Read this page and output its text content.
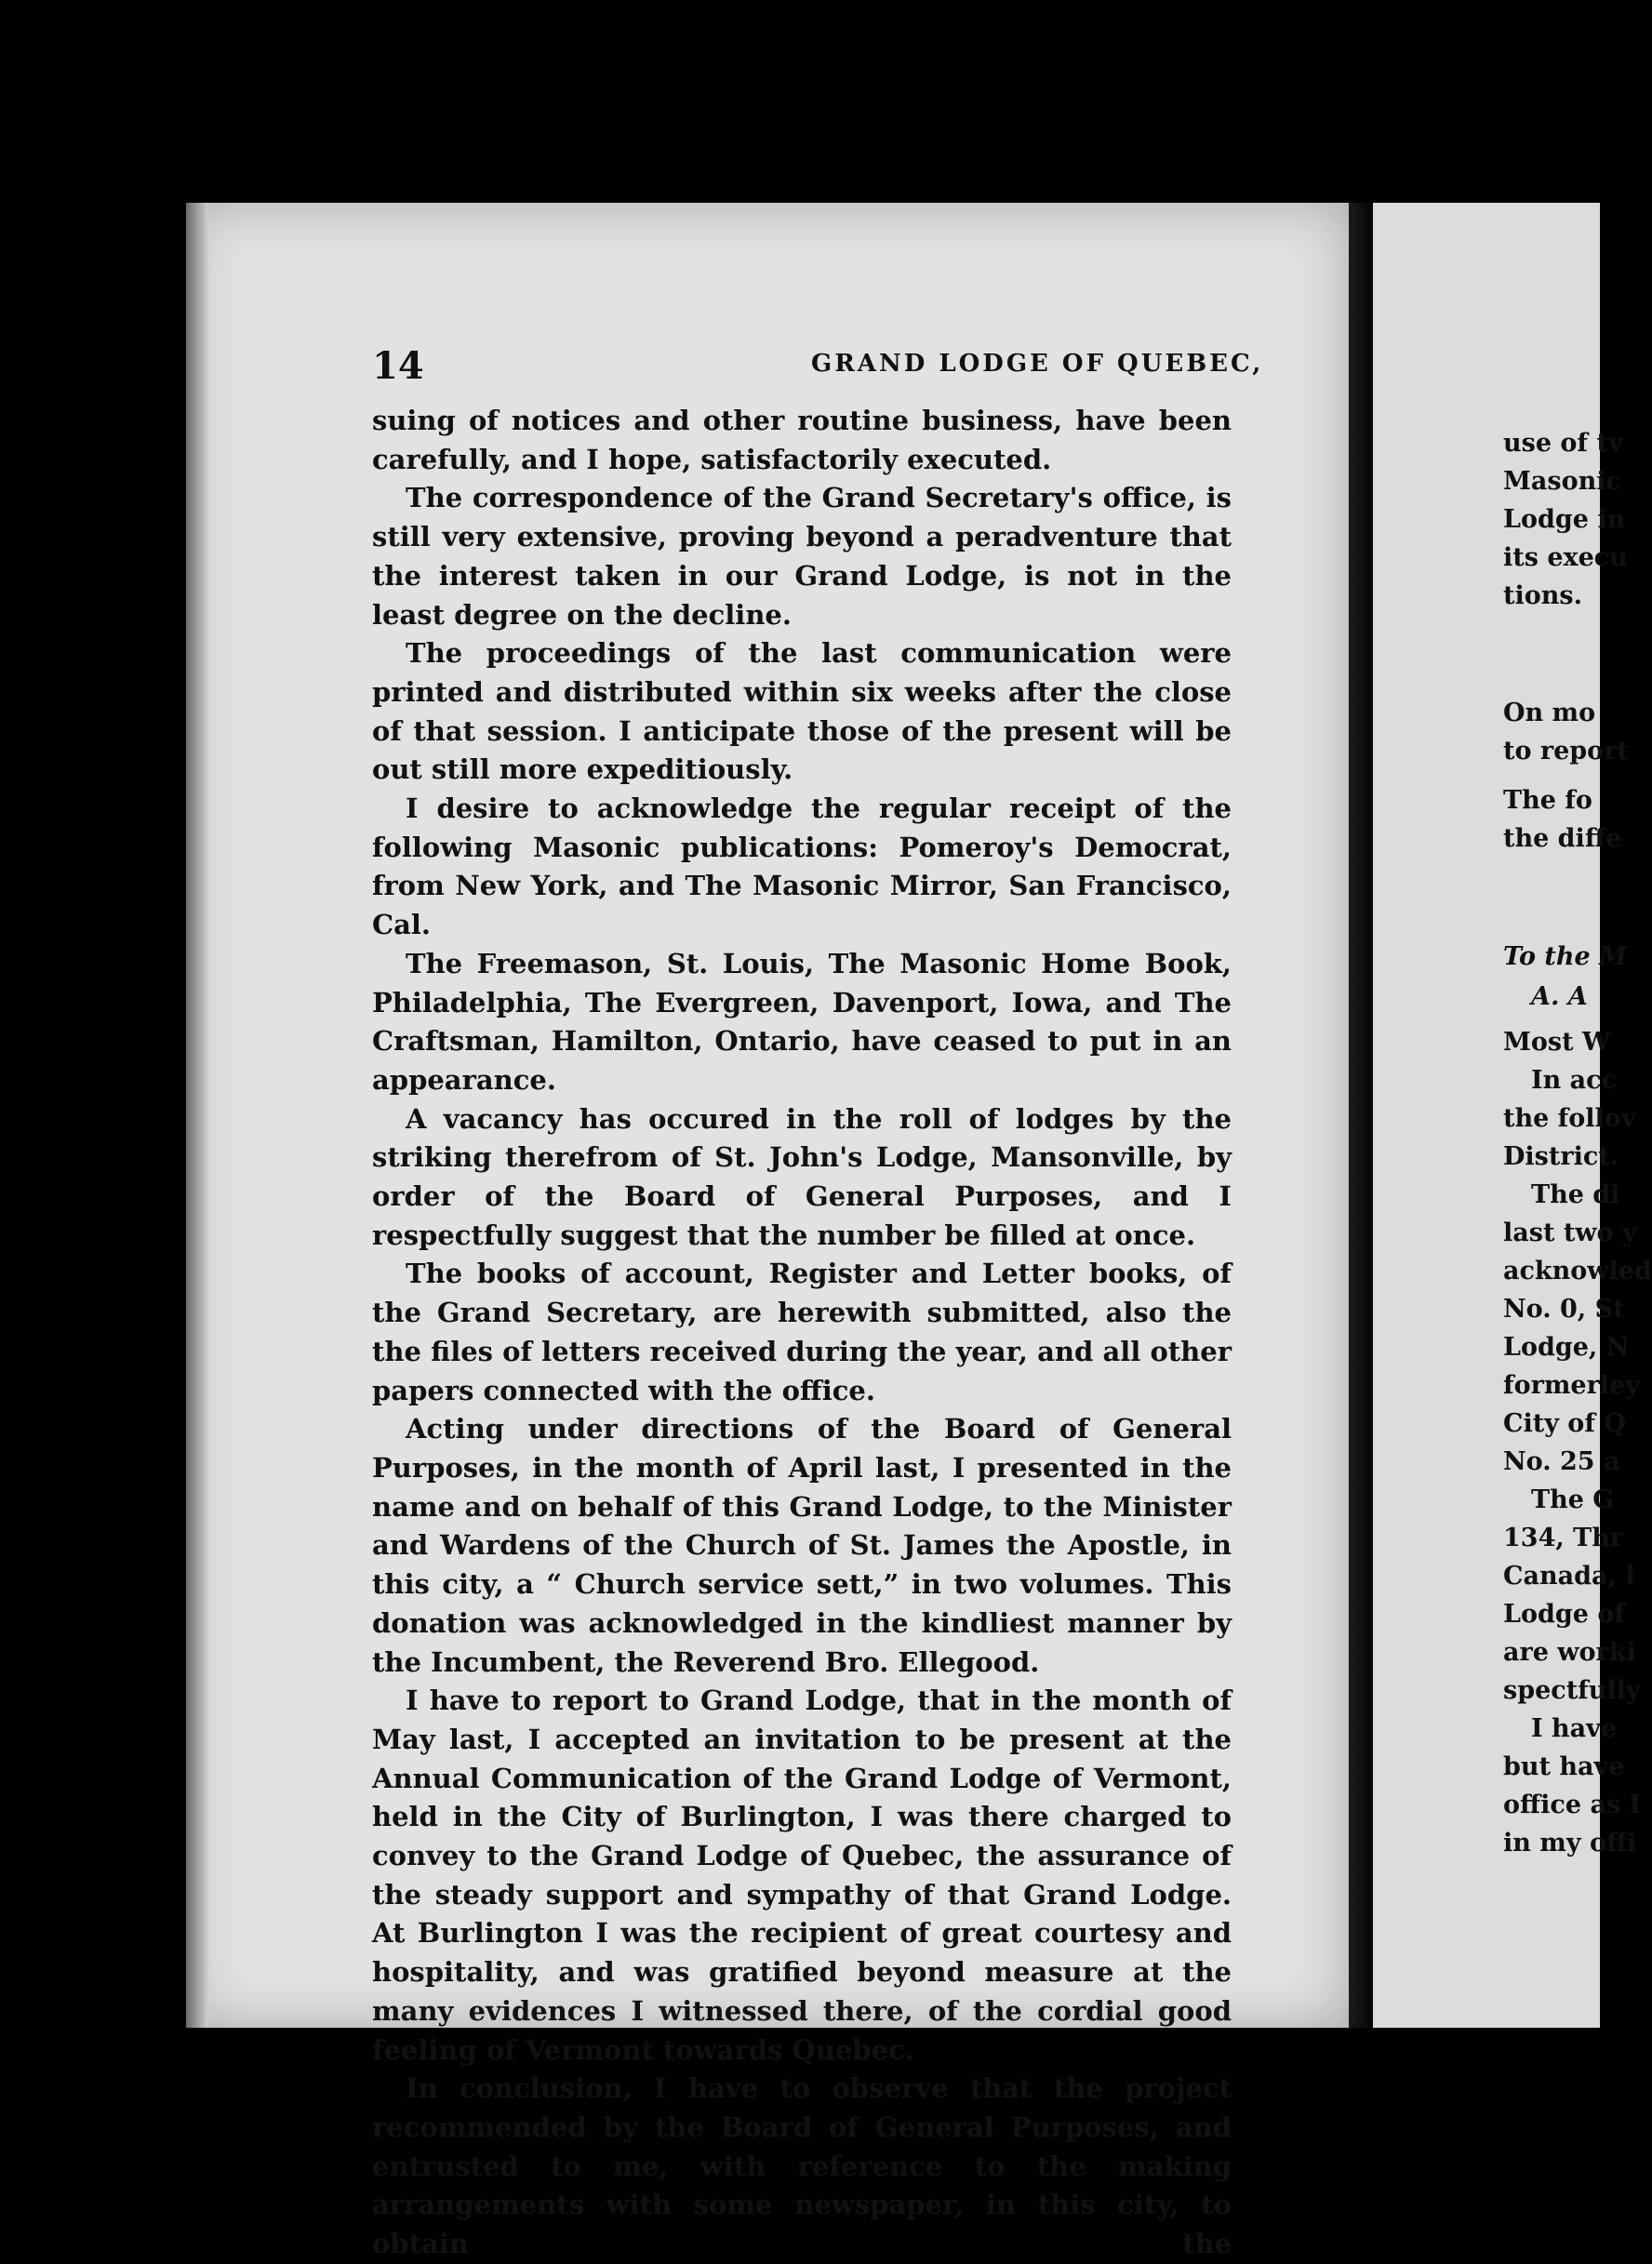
use of tv
Masonic
Lodge in
its execu
tions.
On mo
to report
The fo
the diffe
To the M
A. A
Most W
In acc
the follov
District.
The di
last two y
acknowled
No. 0, St
Lodge, N
formerley
City of Q
No. 25 a
The G
134, Thr
Canada, l
Lodge of
are worki
spectfully
I have
but have
office as I
in my offi
14	GRAND LODGE OF QUEBEC,

suing of notices and other routine business, have been carefully, and I hope, satisfactorily executed.

The correspondence of the Grand Secretary's office, is still very extensive, proving beyond a peradventure that the interest taken in our Grand Lodge, is not in the least degree on the decline.

The proceedings of the last communication were printed and distributed within six weeks after the close of that session. I anticipate those of the present will be out still more expeditiously.

I desire to acknowledge the regular receipt of the following Masonic publications: Pomeroy's Democrat, from New York, and The Masonic Mirror, San Francisco, Cal.

The Freemason, St. Louis, The Masonic Home Book, Philadelphia, The Evergreen, Davenport, Iowa, and The Craftsman, Hamilton, Ontario, have ceased to put in an appearance.

A vacancy has occured in the roll of lodges by the striking therefrom of St. John's Lodge, Mansonville, by order of the Board of General Purposes, and I respectfully suggest that the number be filled at once.

The books of account, Register and Letter books, of the Grand Secretary, are herewith submitted, also the the files of letters received during the year, and all other papers connected with the office.

Acting under directions of the Board of General Purposes, in the month of April last, I presented in the name and on behalf of this Grand Lodge, to the Minister and Wardens of the Church of St. James the Apostle, in this city, a “ Church service sett,” in two volumes. This donation was acknowledged in the kindliest manner by the Incumbent, the Reverend Bro. Ellegood.

I have to report to Grand Lodge, that in the month of May last, I accepted an invitation to be present at the Annual Communication of the Grand Lodge of Vermont, held in the City of Burlington, I was there charged to convey to the Grand Lodge of Quebec, the assurance of the steady support and sympathy of that Grand Lodge. At Burlington I was the recipient of great courtesy and hospitality, and was gratified beyond measure at the many evidences I witnessed there, of the cordial good feeling of Vermont towards Quebec.

In conclusion, I have to observe that the project recommended by the Board of General Purposes, and entrusted to me, with reference to the making arrangements with some newspaper, in this city, to obtain the
